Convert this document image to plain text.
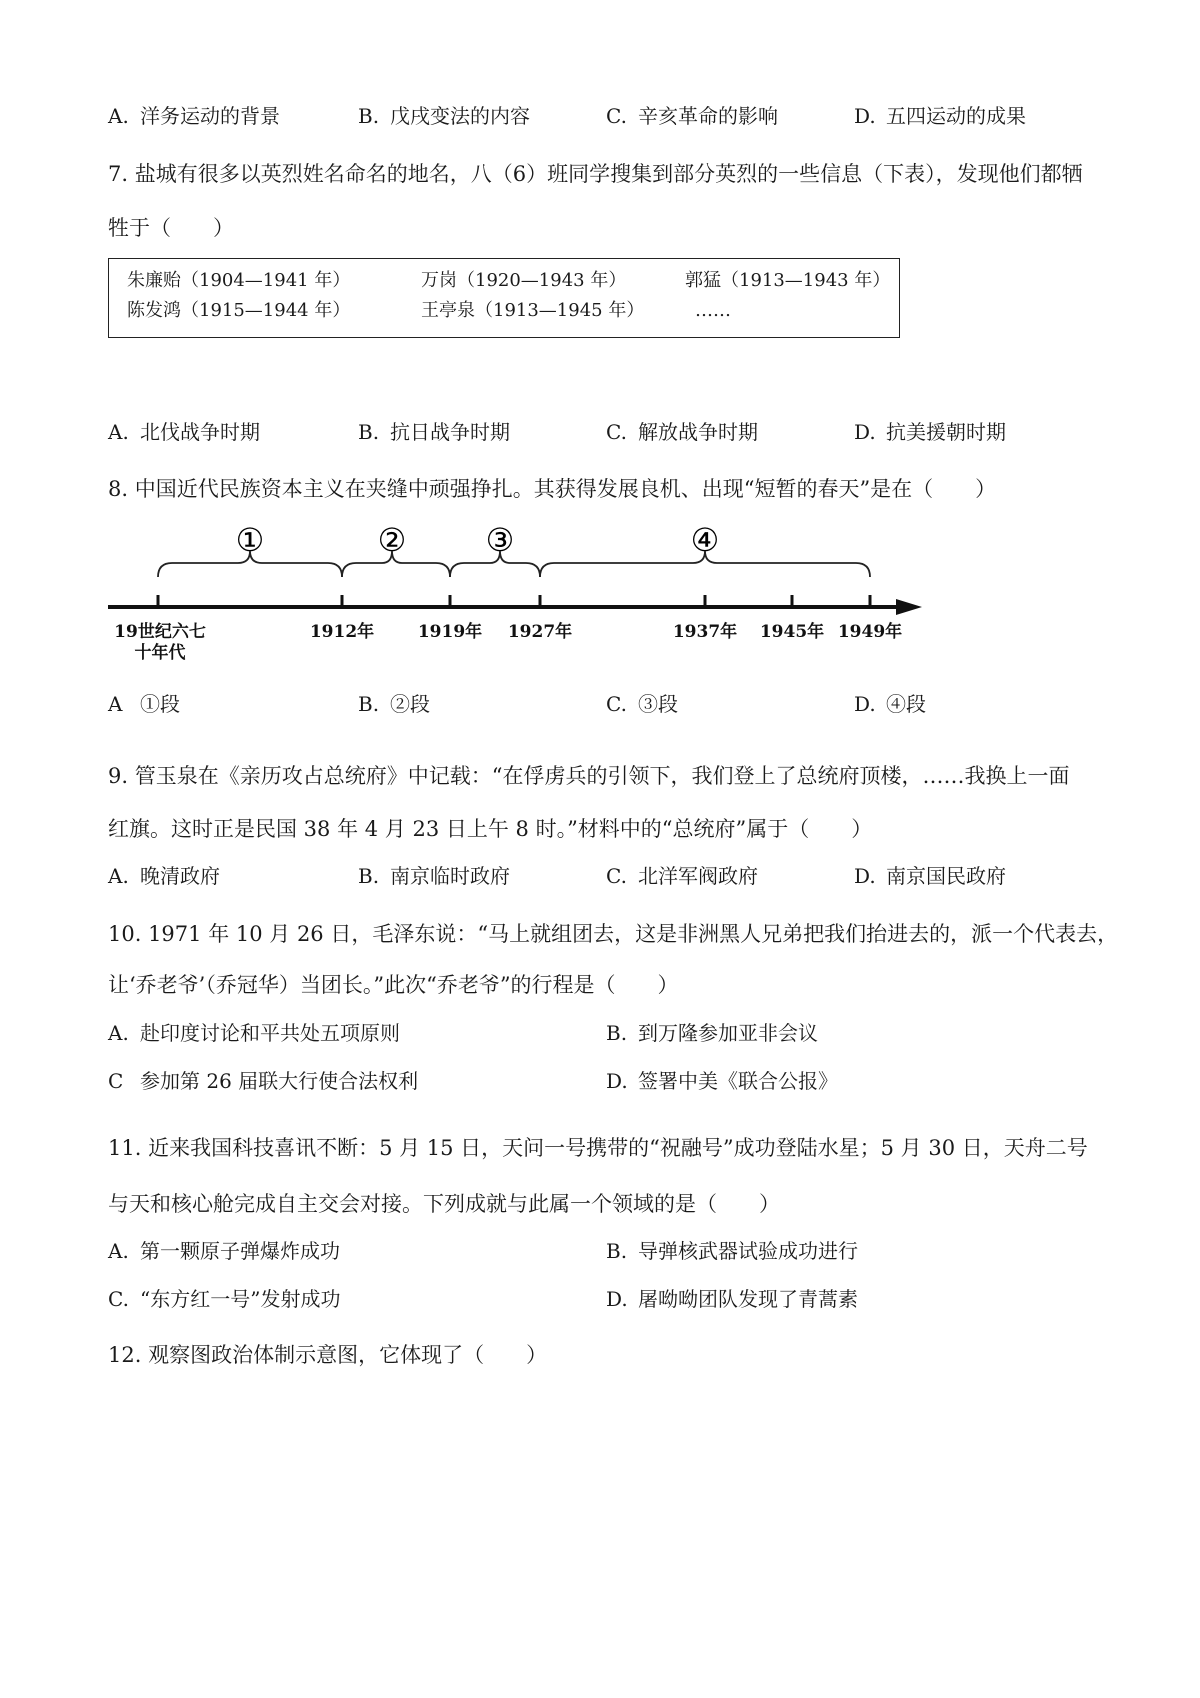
A. 洋务运动的背景	B. 戊戌变法的内容	C. 辛亥革命的影响	D. 五四运动的成果
7. 盐城有很多以英烈姓名命名的地名，八（6）班同学搜集到部分英烈的一些信息（下表），发现他们都牺
牲于（　　）
朱廉贻（1904—1941 年）	万岗（1920—1943 年）	郭猛（1913—1943 年）
陈发鸿（1915—1944 年）	王亭泉（1913—1945 年）	……
A. 北伐战争时期	B. 抗日战争时期	C. 解放战争时期	D. 抗美援朝时期
8. 中国近代民族资本主义在夹缝中顽强挣扎。其获得发展良机、出现“短暂的春天”是在（　　）
①	② ③	④
19世纪六七
十年代
1912年	1919年 1927年	1937年 1945年 1949年
A ①段	B. ②段	C. ③段	D. ④段
9. 管玉泉在《亲历攻占总统府》中记载：“在俘虏兵的引领下，我们登上了总统府顶楼，……我换上一面
红旗。这时正是民国 38 年 4 月 23 日上午 8 时。”材料中的“总统府”属于（　　）
A. 晚清政府	B. 南京临时政府	C. 北洋军阀政府	D. 南京国民政府
10. 1971 年 10 月 26 日，毛泽东说：“马上就组团去，这是非洲黑人兄弟把我们抬进去的，派一个代表去，
让‘乔老爷’（乔冠华）当团长。”此次“乔老爷”的行程是（　　）
A. 赴印度讨论和平共处五项原则	B. 到万隆参加亚非会议
C 参加第 26 届联大行使合法权利	D. 签署中美《联合公报》
11. 近来我国科技喜讯不断：5 月 15 日，天问一号携带的“祝融号”成功登陆水星；5 月 30 日，天舟二号
与天和核心舱完成自主交会对接。下列成就与此属一个领域的是（　　）
A. 第一颗原子弹爆炸成功	B. 导弹核武器试验成功进行
C. “东方红一号”发射成功	D. 屠呦呦团队发现了青蒿素
12. 观察图政治体制示意图，它体现了（　　）
